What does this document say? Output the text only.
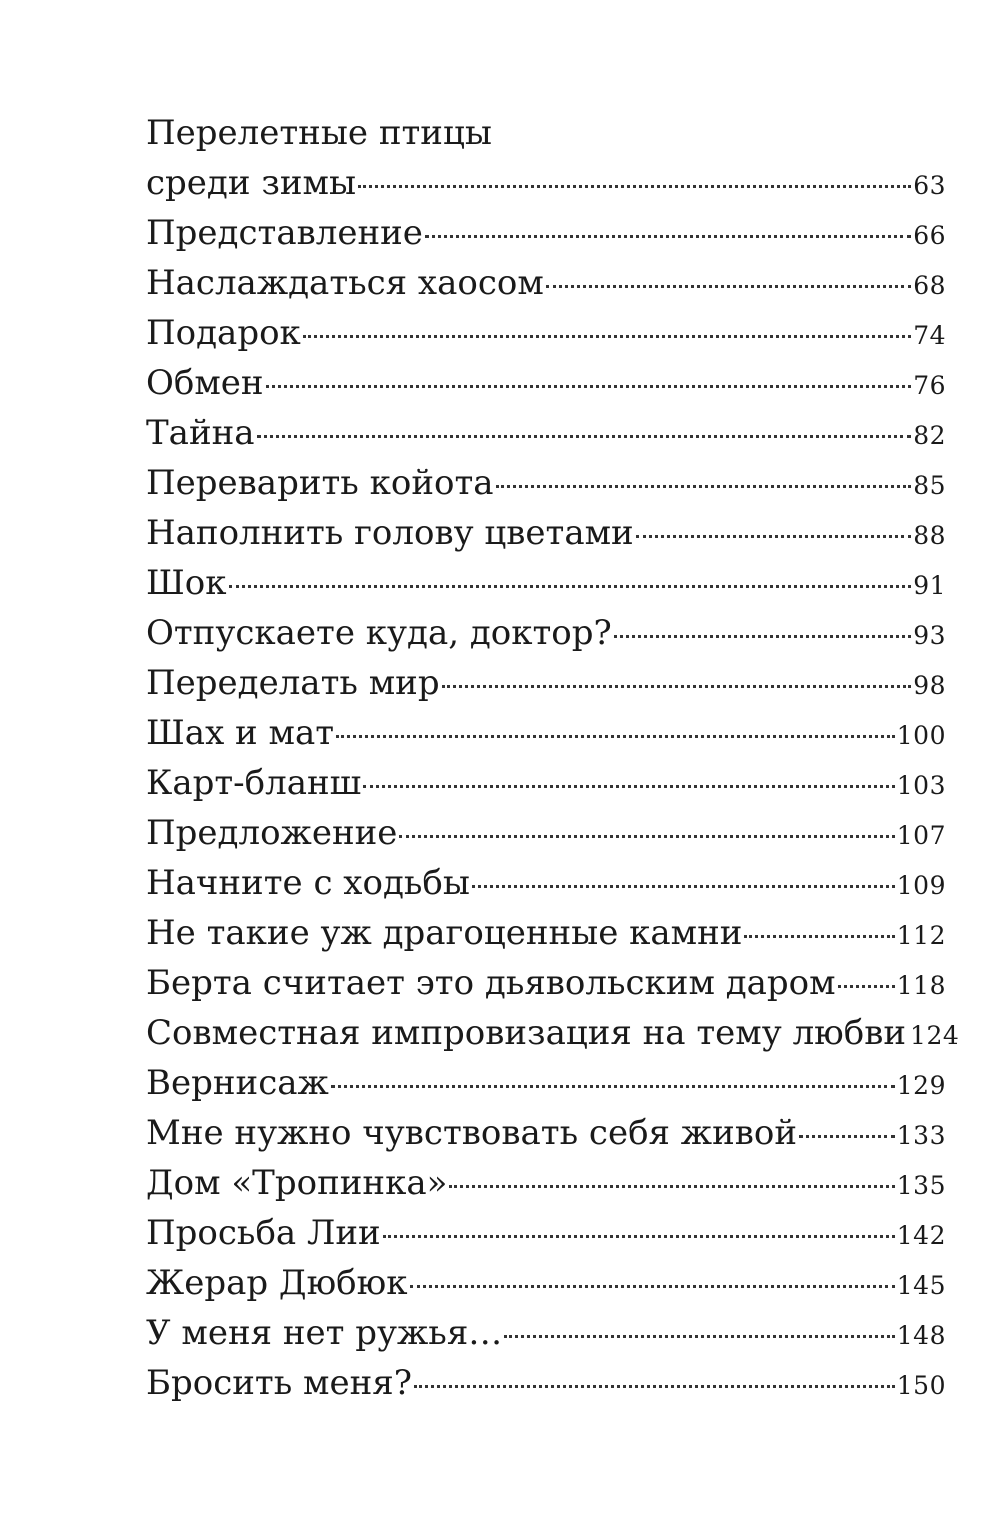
Перелетные птицы
среди зимы	63
Представление	66
Наслаждаться хаосом	68
Подарок	74
Обмен	76
Тайна	82
Переварить койота	85
Наполнить голову цветами	88
Шок	91
Отпускаете куда, доктор?	93
Переделать мир	98
Шах и мат	100
Карт-бланш	103
Предложение	107
Начните с ходьбы	109
Не такие уж драгоценные камни	112
Берта считает это дьявольским даром 118
Совместная импровизация на тему любви 124
Вернисаж	129
Мне нужно чувствовать себя живой	133
Дом «Тропинка»	135
Просьба Лии	142
Жерар Дюбюк	145
У меня нет ружья…	148
Бросить меня?	150
